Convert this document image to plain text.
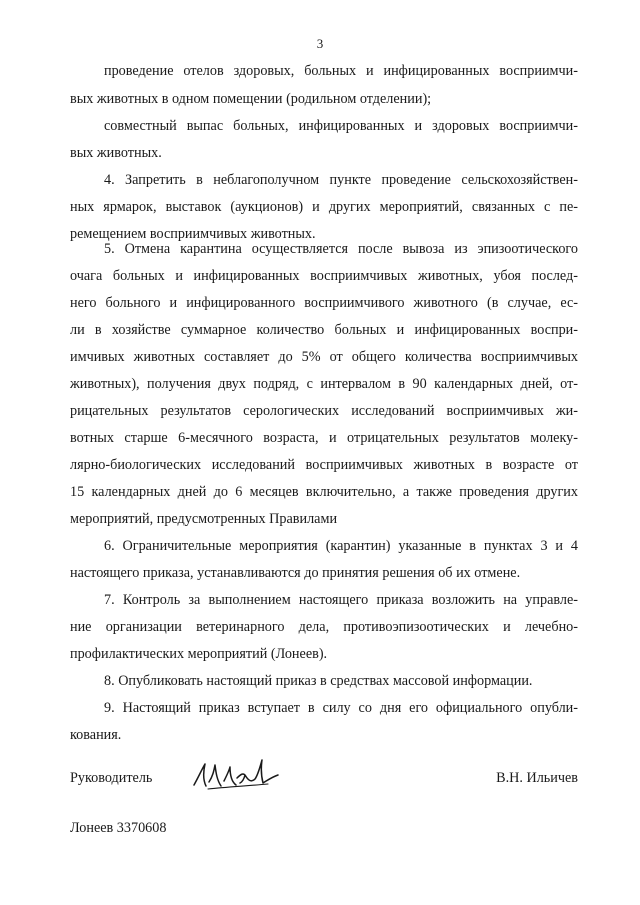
3
проведение отелов здоровых, больных и инфицированных восприимчи-
вых животных в одном помещении (родильном отделении);
совместный выпас больных, инфицированных и здоровых восприимчи-
вых животных.
4. Запретить в неблагополучном пункте проведение сельскохозяйствен-
ных ярмарок, выставок (аукционов) и других мероприятий, связанных с пе-
ремещением восприимчивых животных.
5. Отмена карантина осуществляется после вывоза из эпизоотического
очага больных и инфицированных восприимчивых животных, убоя послед-
него больного и инфицированного восприимчивого животного (в случае, ес-
ли в хозяйстве суммарное количество больных и инфицированных воспри-
имчивых животных составляет до 5% от общего количества восприимчивых
животных), получения двух подряд, с интервалом в 90 календарных дней, от-
рицательных результатов серологических исследований восприимчивых жи-
вотных старше 6-месячного возраста, и отрицательных результатов молеку-
лярно-биологических исследований восприимчивых животных в возрасте от
15 календарных дней до 6 месяцев включительно, а также проведения других
мероприятий, предусмотренных Правилами
6. Ограничительные мероприятия (карантин) указанные в пунктах 3 и 4
настоящего приказа, устанавливаются до принятия решения об их отмене.
7. Контроль за выполнением настоящего приказа возложить на управле-
ние организации ветеринарного дела, противоэпизоотических и лечебно-
профилактических мероприятий (Лонеев).
8. Опубликовать настоящий приказ в средствах массовой информации.
9. Настоящий приказ вступает в силу со дня его официального опубли-
кования.
Руководитель	В.Н. Ильичев
Лонеев 3370608
